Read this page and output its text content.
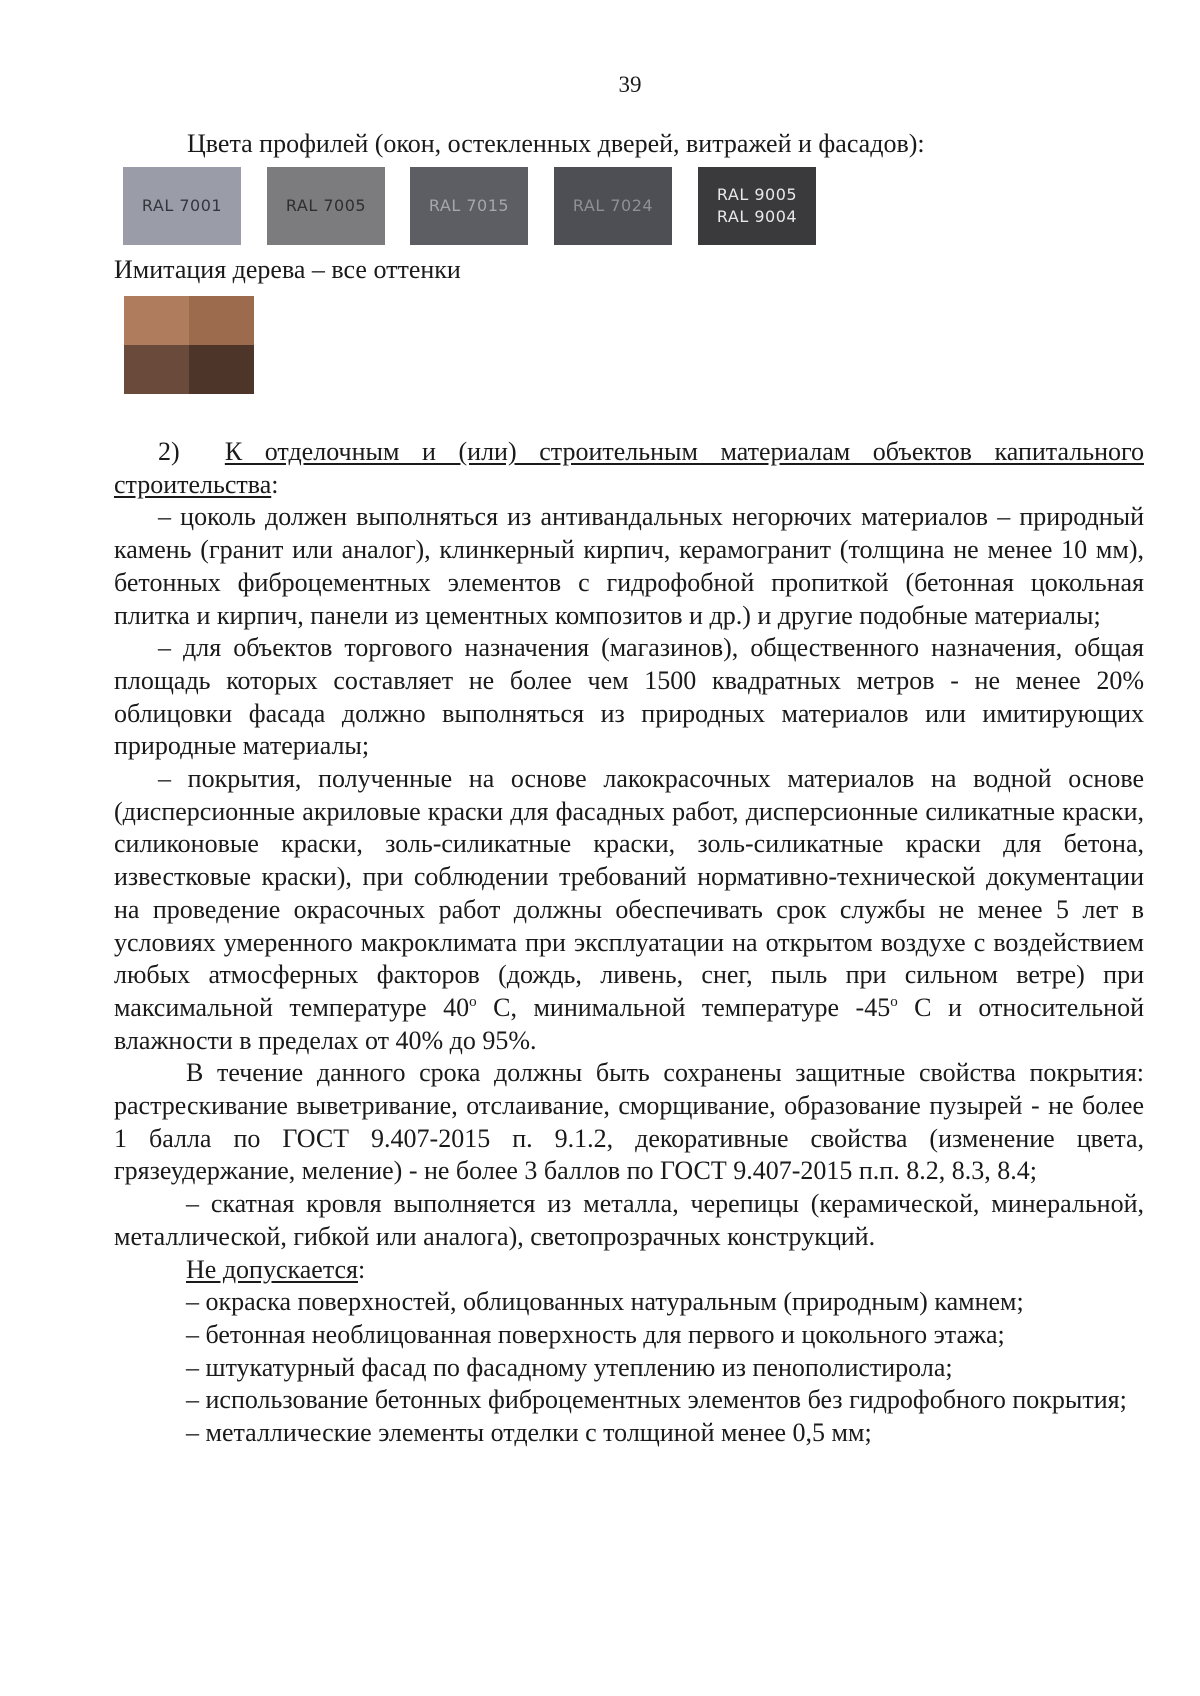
39
Цвета профилей (окон, остекленных дверей, витражей и фасадов):
RAL 7001	RAL 7005	RAL 7015	RAL 7024
RAL 9005
RAL 9004
Имитация дерева – все оттенки

2) К отделочным и (или) строительным материалам объектов капитального

строительства:

– цоколь должен выполняться из антивандальных негорючих материалов – природный камень (гранит или аналог), клинкерный кирпич, керамогранит (толщина не менее 10 мм), бетонных фиброцементных элементов с гидрофобной пропиткой (бетонная цокольная плитка и кирпич, панели из цементных композитов и др.) и другие подобные материалы;

– для объектов торгового назначения (магазинов), общественного назначения, общая площадь которых составляет не более чем 1500 квадратных метров - не менее 20% облицовки фасада должно выполняться из природных материалов или имитирующих природные материалы;

– покрытия, полученные на основе лакокрасочных материалов на водной основе (дисперсионные акриловые краски для фасадных работ, дисперсионные силикатные краски, силиконовые краски, золь-силикатные краски, золь-силикатные краски для бетона, известковые краски), при соблюдении требований нормативно-технической документации на проведение окрасочных работ должны обеспечивать срок службы не менее 5 лет в условиях умеренного макроклимата при эксплуатации на открытом воздухе с воздействием любых атмосферных факторов (дождь, ливень, снег, пыль при сильном ветре) при максимальной температуре $40^о$ С, минимальной температуре $-45^о$ С и относительной влажности в пределах от 40% до 95%.

В течение данного срока должны быть сохранены защитные свойства покрытия: растрескивание выветривание, отслаивание, сморщивание, образование пузырей - не более 1 балла по ГОСТ 9.407-2015 п. 9.1.2, декоративные свойства (изменение цвета, грязеудержание, меление) - не более 3 баллов по ГОСТ 9.407-2015 п.п. 8.2, 8.3, 8.4;

– скатная кровля выполняется из металла, черепицы (керамической, минеральной, металлической, гибкой или аналога), светопрозрачных конструкций.

Не допускается:

– окраска поверхностей, облицованных натуральным (природным) камнем;

– бетонная необлицованная поверхность для первого и цокольного этажа;

– штукатурный фасад по фасадному утеплению из пенополистирола;

– использование бетонных фиброцементных элементов без гидрофобного покрытия;

– металлические элементы отделки с толщиной менее 0,5 мм;
